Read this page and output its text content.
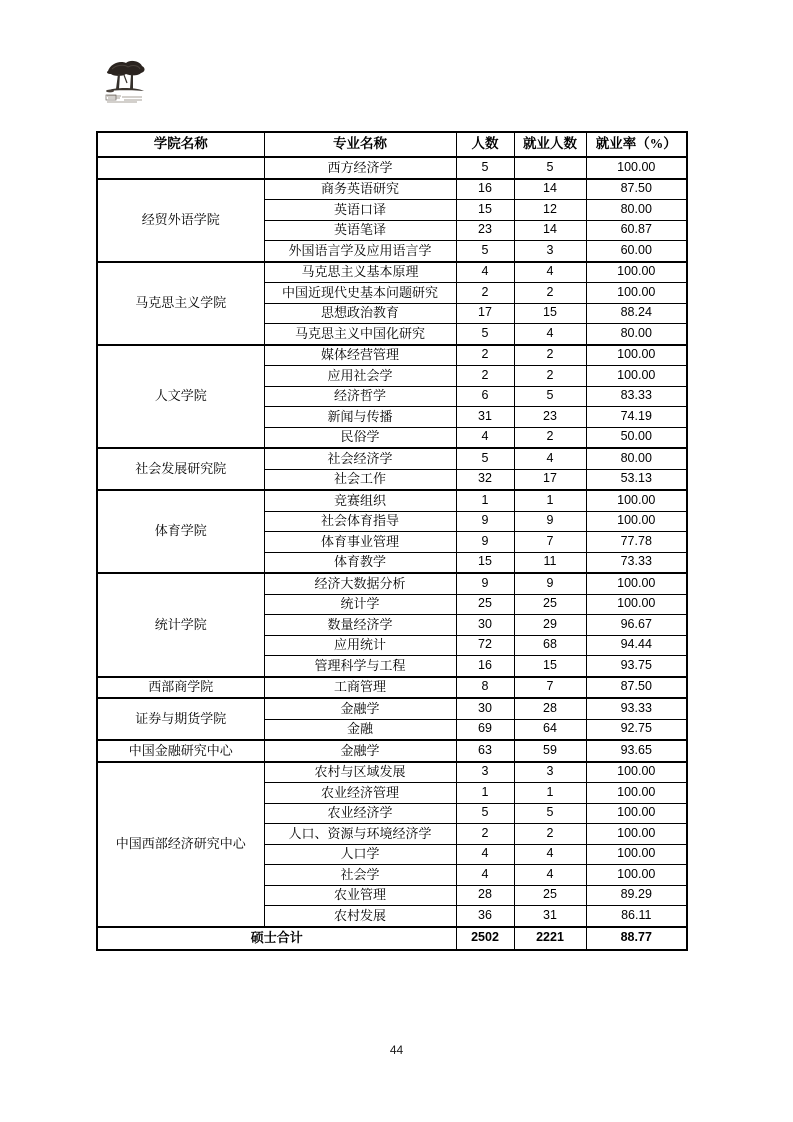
学院名称	专业名称	人数	就业人数	就业率（%）
	西方经济学	5	5	100.00
经贸外语学院	商务英语研究	16	14	87.50
	英语口译	15	12	80.00
	英语笔译	23	14	60.87
	外国语言学及应用语言学	5	3	60.00
马克思主义学院	马克思主义基本原理	4	4	100.00
	中国近现代史基本问题研究	2	2	100.00
	思想政治教育	17	15	88.24
	马克思主义中国化研究	5	4	80.00
人文学院	媒体经营管理	2	2	100.00
	应用社会学	2	2	100.00
	经济哲学	6	5	83.33
	新闻与传播	31	23	74.19
	民俗学	4	2	50.00
社会发展研究院	社会经济学	5	4	80.00
	社会工作	32	17	53.13
体育学院	竞赛组织	1	1	100.00
	社会体育指导	9	9	100.00
	体育事业管理	9	7	77.78
	体育教学	15	11	73.33
统计学院	经济大数据分析	9	9	100.00
	统计学	25	25	100.00
	数量经济学	30	29	96.67
	应用统计	72	68	94.44
	管理科学与工程	16	15	93.75
西部商学院	工商管理	8	7	87.50
证券与期货学院	金融学	30	28	93.33
	金融	69	64	92.75
中国金融研究中心	金融学	63	59	93.65
中国西部经济研究中心	农村与区域发展	3	3	100.00
	农业经济管理	1	1	100.00
	农业经济学	5	5	100.00
	人口、资源与环境经济学	2	2	100.00
	人口学	4	4	100.00
	社会学	4	4	100.00
	农业管理	28	25	89.29
	农村发展	36	31	86.11
硕士合计		2502	2221	88.77
44
